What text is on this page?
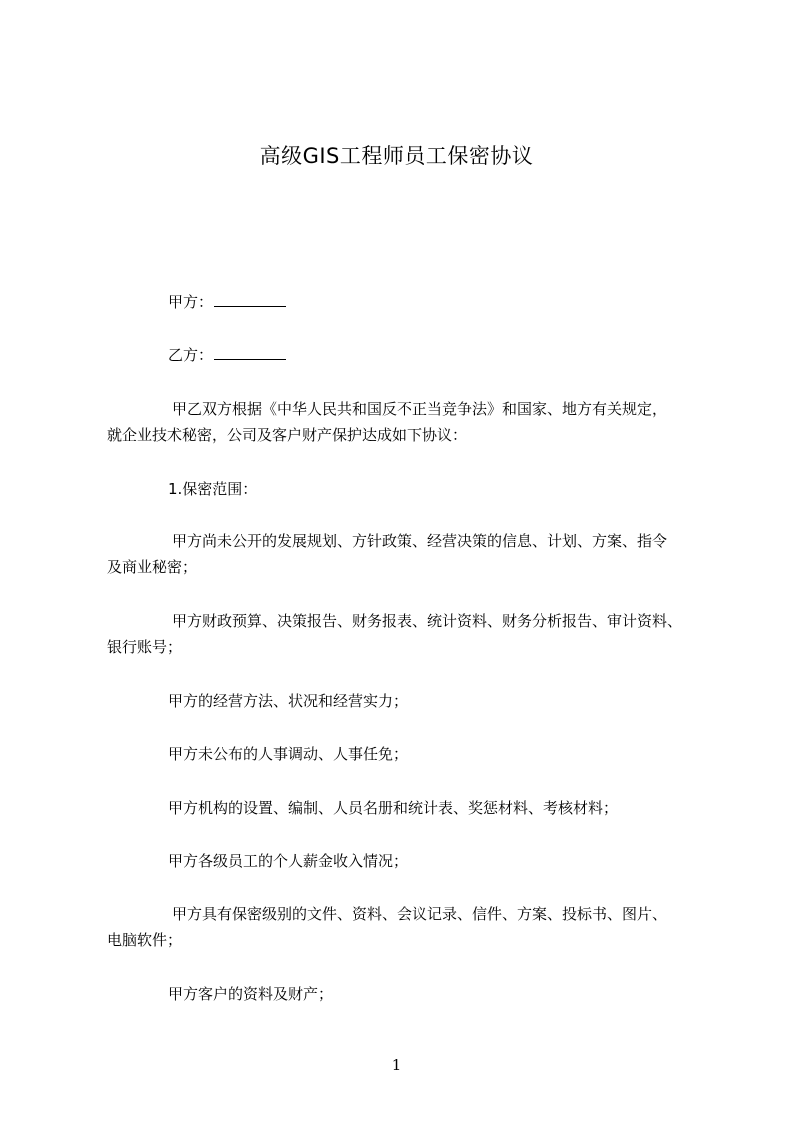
高级GIS工程师员工保密协议
甲方：
乙方：
甲乙双方根据《中华人民共和国反不正当竞争法》和国家、地方有关规定，
就企业技术秘密，公司及客户财产保护达成如下协议：
1.保密范围：
甲方尚未公开的发展规划、方针政策、经营决策的信息、计划、方案、指令
及商业秘密；
甲方财政预算、决策报告、财务报表、统计资料、财务分析报告、审计资料、
银行账号；
甲方的经营方法、状况和经营实力；
甲方未公布的人事调动、人事任免；
甲方机构的设置、编制、人员名册和统计表、奖惩材料、考核材料；
甲方各级员工的个人薪金收入情况；
甲方具有保密级别的文件、资料、会议记录、信件、方案、投标书、图片、
电脑软件；
甲方客户的资料及财产；
1
